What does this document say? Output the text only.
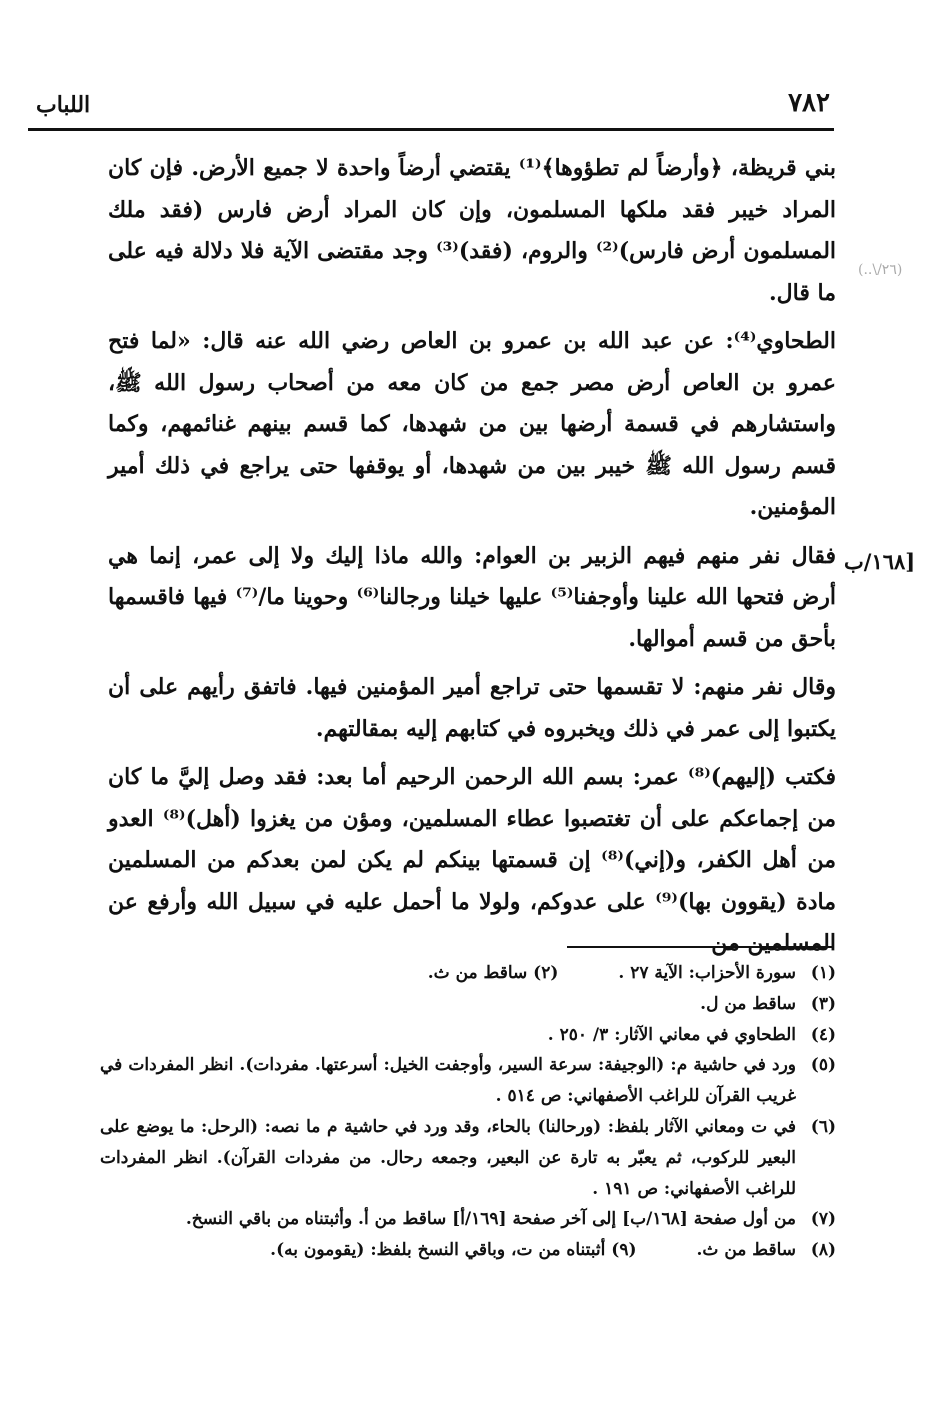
٧٨٢
اللباب
(..\/٢٦)
١٦٨/ب]

بني قريظة، ﴿وأرضاً لم تطؤوها﴾⁽¹⁾ يقتضي أرضاً واحدة لا جميع الأرض. فإن كان المراد خيبر فقد ملكها المسلمون، وإن كان المراد أرض فارس (فقد ملك المسلمون أرض فارس)⁽²⁾ والروم، (فقد)⁽³⁾ وجد مقتضى الآية فلا دلالة فيه على ما قال.

الطحاوي⁽⁴⁾: عن عبد الله بن عمرو بن العاص رضي الله عنه قال: «لما فتح عمرو بن العاص أرض مصر جمع من كان معه من أصحاب رسول الله ﷺ، واستشارهم في قسمة أرضها بين من شهدها، كما قسم بينهم غنائمهم، وكما قسم رسول الله ﷺ خيبر بين من شهدها، أو يوقفها حتى يراجع في ذلك أمير المؤمنين.

فقال نفر منهم فيهم الزبير بن العوام: والله ماذا إليك ولا إلى عمر، إنما هي أرض فتحها الله علينا وأوجفنا⁽⁵⁾ عليها خيلنا ورجالنا⁽⁶⁾ وحوينا ما/⁽⁷⁾ فيها فاقسمها بأحق من قسم أموالها.

وقال نفر منهم: لا تقسمها حتى تراجع أمير المؤمنين فيها. فاتفق رأيهم على أن يكتبوا إلى عمر في ذلك ويخبروه في كتابهم إليه بمقالتهم.

فكتب (إليهم)⁽⁸⁾ عمر: بسم الله الرحمن الرحيم أما بعد: فقد وصل إليَّ ما كان من إجماعكم على أن تغتصبوا عطاء المسلمين، ومؤن من يغزوا (أهل)⁽⁸⁾ العدو من أهل الكفر، و(إني)⁽⁸⁾ إن قسمتها بينكم لم يكن لمن بعدكم من المسلمين مادة (يقوون بها)⁽⁹⁾ على عدوكم، ولولا ما أحمل عليه في سبيل الله وأرفع عن المسلمين من

(١)
سورة الأحزاب: الآية ٢٧ .(٢) ساقط من ث.
(٣)
ساقط من ل.
(٤)
الطحاوي في معاني الآثار: ٣/ ٢٥٠ .
(٥)
ورد في حاشية م: (الوجيفة: سرعة السير، وأوجفت الخيل: أسرعتها. مفردات). انظر المفردات في غريب القرآن للراغب الأصفهاني: ص ٥١٤ .
(٦)
في ت ومعاني الآثار بلفظ: (ورحالنا) بالحاء، وقد ورد في حاشية م ما نصه: (الرحل: ما يوضع على البعير للركوب، ثم يعبّر به تارة عن البعير، وجمعه رحال. من مفردات القرآن). انظر المفردات للراغب الأصفهاني: ص ١٩١ .
(٧)
من أول صفحة [١٦٨/ب] إلى آخر صفحة [١٦٩/أ] ساقط من أ. وأثبتناه من باقي النسخ.
(٨)
ساقط من ث.(٩) أثبتناه من ت، وباقي النسخ بلفظ: (يقومون به).
